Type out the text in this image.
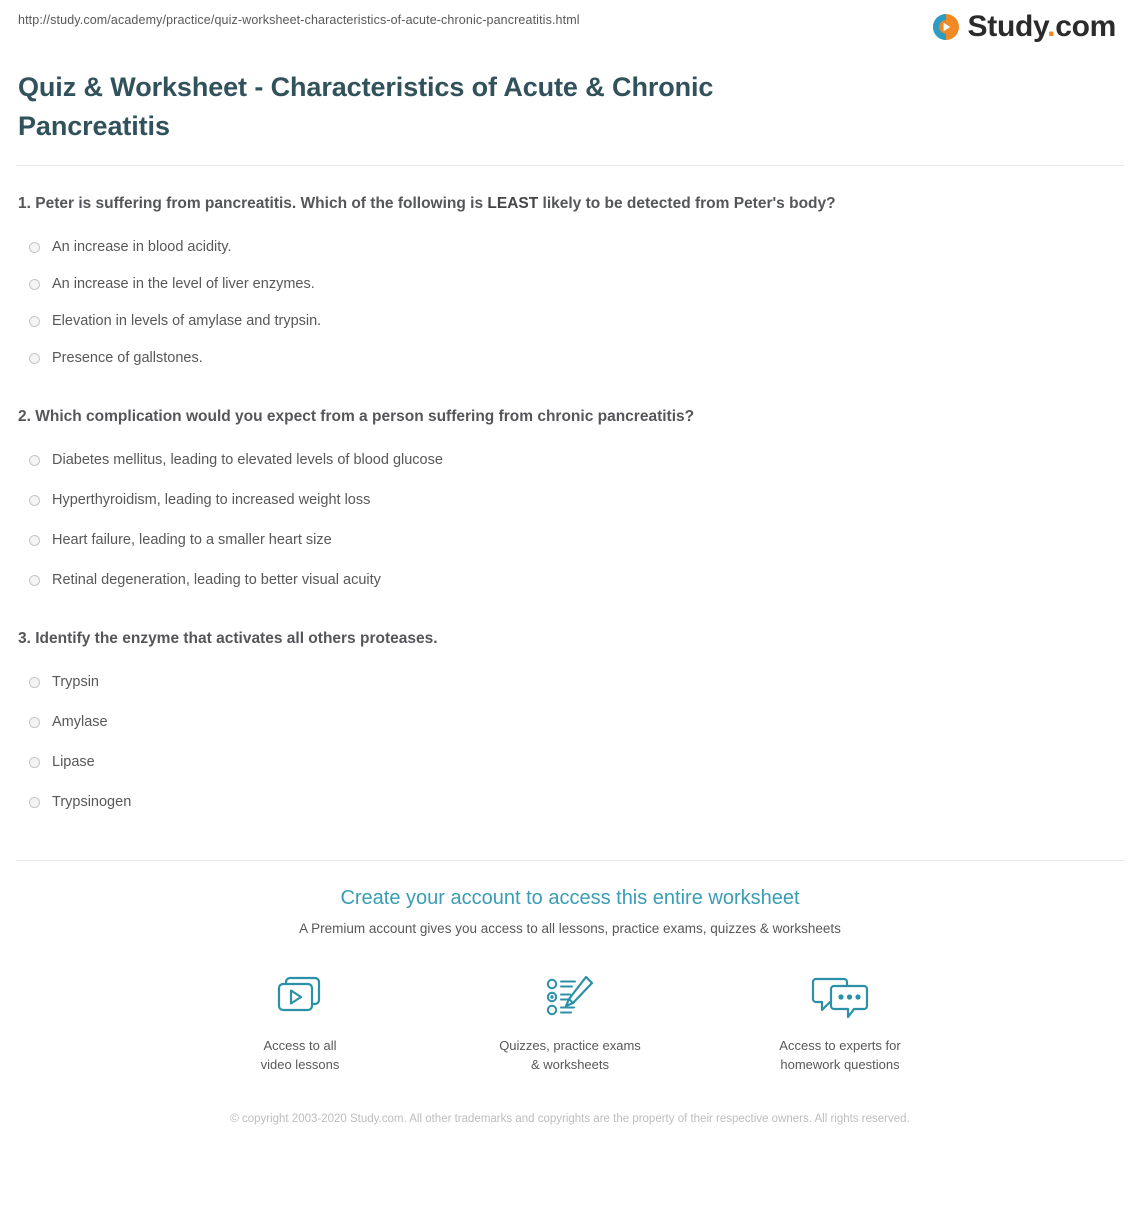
http://study.com/academy/practice/quiz-worksheet-characteristics-of-acute-chronic-pancreatitis.html	Study.com
Quiz & Worksheet - Characteristics of Acute & Chronic Pancreatitis
1. Peter is suffering from pancreatitis. Which of the following is LEAST likely to be detected from Peter's body?
An increase in blood acidity.
An increase in the level of liver enzymes.
Elevation in levels of amylase and trypsin.
Presence of gallstones.
2. Which complication would you expect from a person suffering from chronic pancreatitis?
Diabetes mellitus, leading to elevated levels of blood glucose
Hyperthyroidism, leading to increased weight loss
Heart failure, leading to a smaller heart size
Retinal degeneration, leading to better visual acuity
3. Identify the enzyme that activates all others proteases.
Trypsin
Amylase
Lipase
Trypsinogen
Create your account to access this entire worksheet
A Premium account gives you access to all lessons, practice exams, quizzes & worksheets
Access to all
video lessons
Quizzes, practice exams
& worksheets
Access to experts for
homework questions
© copyright 2003-2020 Study.com. All other trademarks and copyrights are the property of their respective owners. All rights reserved.
